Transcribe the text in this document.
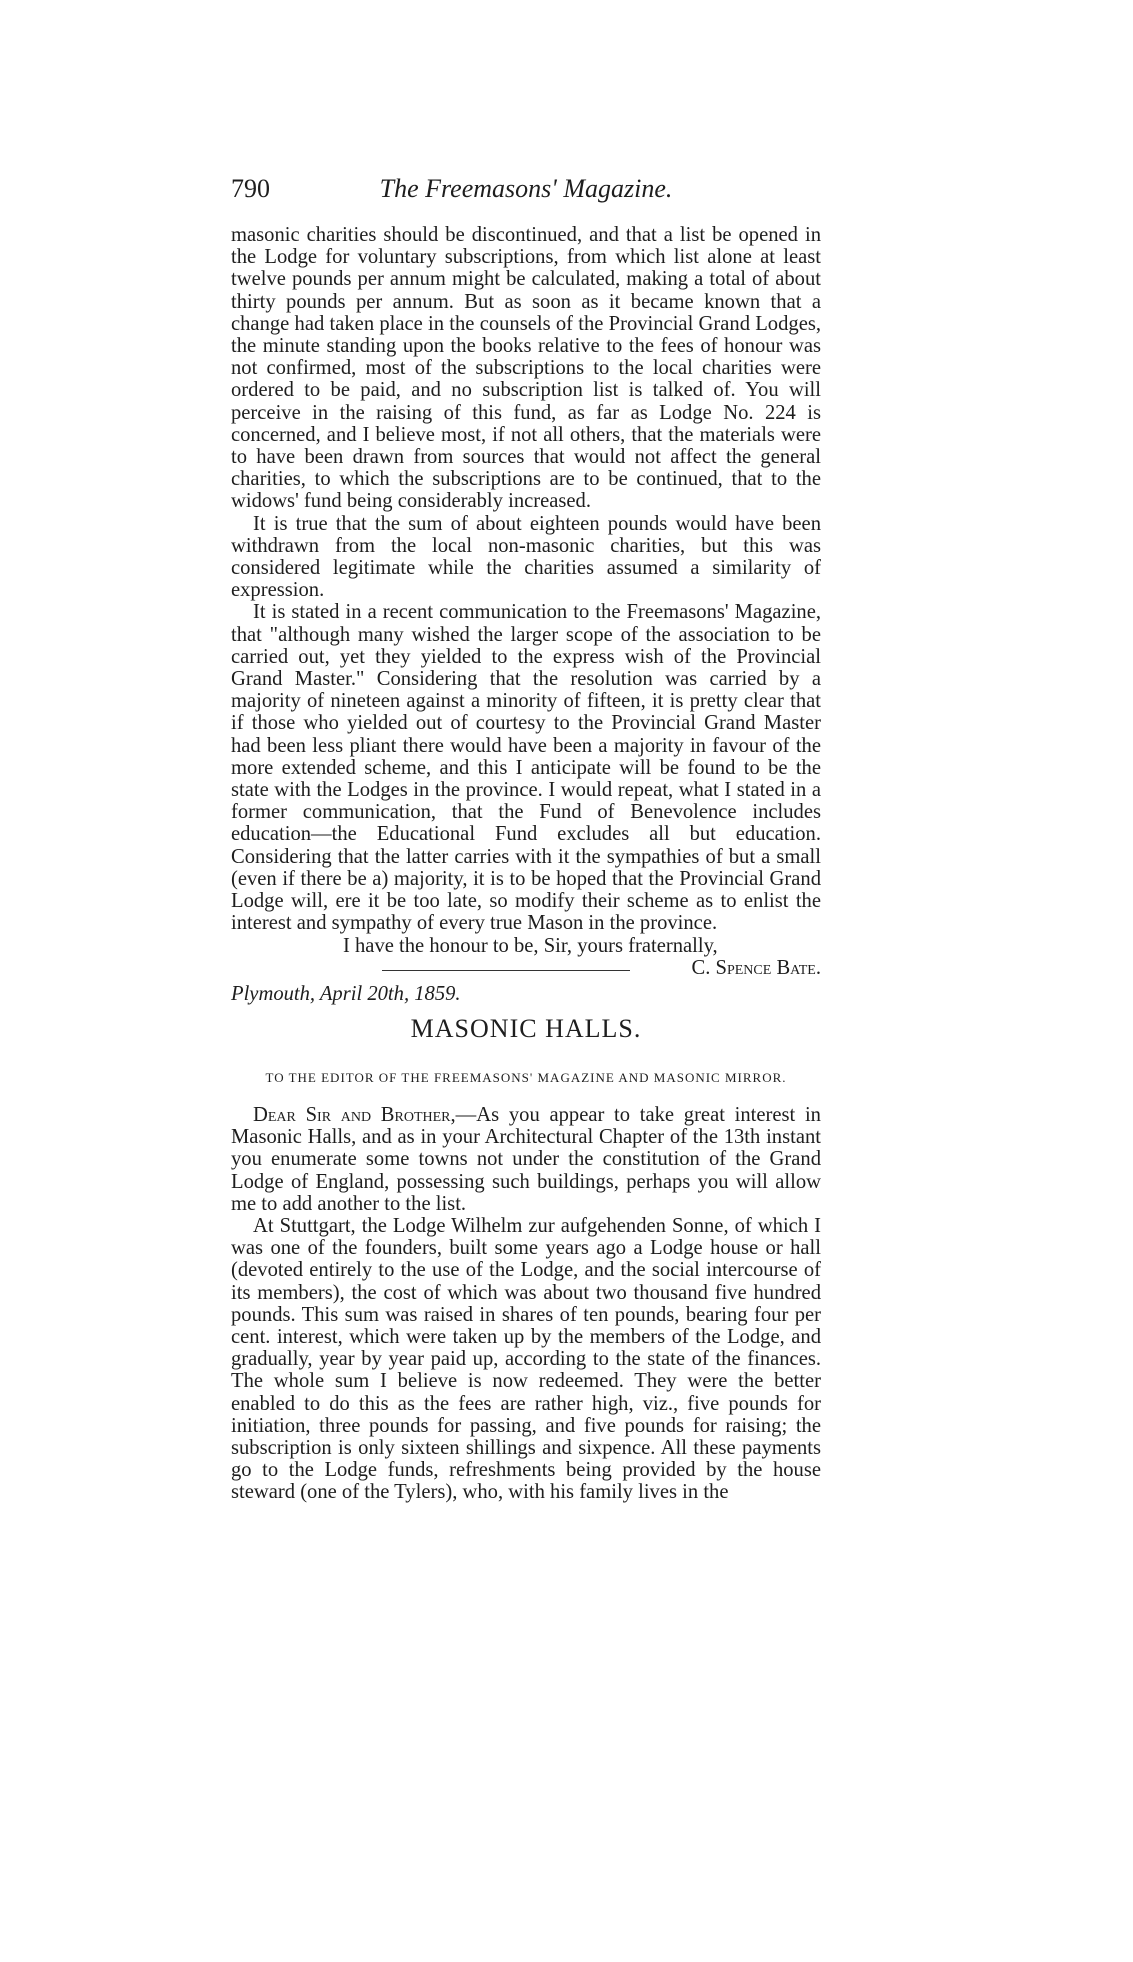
790	The Freemasons' Magazine.

masonic charities should be discontinued, and that a list be opened in the Lodge for voluntary subscriptions, from which list alone at least twelve pounds per annum might be calculated, making a total of about thirty pounds per annum. But as soon as it became known that a change had taken place in the counsels of the Provincial Grand Lodges, the minute standing upon the books relative to the fees of honour was not confirmed, most of the subscriptions to the local charities were ordered to be paid, and no subscription list is talked of. You will perceive in the raising of this fund, as far as Lodge No. 224 is concerned, and I believe most, if not all others, that the materials were to have been drawn from sources that would not affect the general charities, to which the subscriptions are to be continued, that to the widows' fund being considerably increased.

It is true that the sum of about eighteen pounds would have been withdrawn from the local non-masonic charities, but this was considered legitimate while the charities assumed a similarity of expression.

It is stated in a recent communication to the Freemasons' Magazine, that "although many wished the larger scope of the association to be carried out, yet they yielded to the express wish of the Provincial Grand Master." Considering that the resolution was carried by a majority of nineteen against a minority of fifteen, it is pretty clear that if those who yielded out of courtesy to the Provincial Grand Master had been less pliant there would have been a majority in favour of the more extended scheme, and this I anticipate will be found to be the state with the Lodges in the province. I would repeat, what I stated in a former communication, that the Fund of Benevolence includes education—the Educational Fund excludes all but education. Considering that the latter carries with it the sympathies of but a small (even if there be a) majority, it is to be hoped that the Provincial Grand Lodge will, ere it be too late, so modify their scheme as to enlist the interest and sympathy of every true Mason in the province.

I have the honour to be, Sir, yours fraternally,
C. Spence Bate.
Plymouth, April 20th, 1859.
MASONIC HALLS.
TO THE EDITOR OF THE FREEMASONS' MAGAZINE AND MASONIC MIRROR.

Dear Sir and Brother,—As you appear to take great interest in Masonic Halls, and as in your Architectural Chapter of the 13th instant you enumerate some towns not under the constitution of the Grand Lodge of England, possessing such buildings, perhaps you will allow me to add another to the list.

At Stuttgart, the Lodge Wilhelm zur aufgehenden Sonne, of which I was one of the founders, built some years ago a Lodge house or hall (devoted entirely to the use of the Lodge, and the social intercourse of its members), the cost of which was about two thousand five hundred pounds. This sum was raised in shares of ten pounds, bearing four per cent. interest, which were taken up by the members of the Lodge, and gradually, year by year paid up, according to the state of the finances. The whole sum I believe is now redeemed. They were the better enabled to do this as the fees are rather high, viz., five pounds for initiation, three pounds for passing, and five pounds for raising; the subscription is only sixteen shillings and sixpence. All these payments go to the Lodge funds, refreshments being provided by the house steward (one of the Tylers), who, with his family lives in the
